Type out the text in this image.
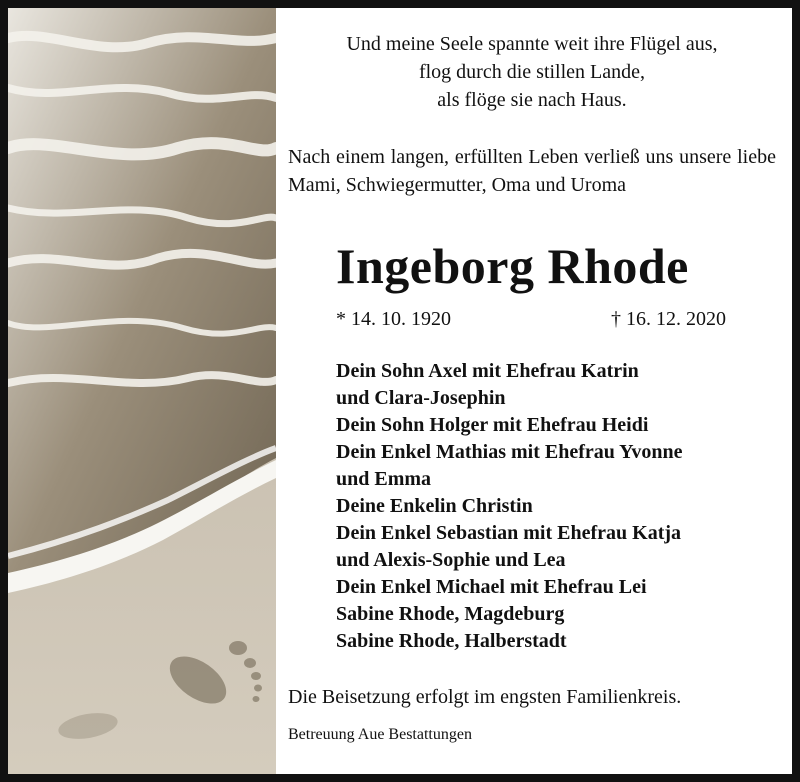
Und meine Seele spannte weit ihre Flügel aus,
flog durch die stillen Lande,
als flöge sie nach Haus.
Nach einem langen, erfüllten Leben verließ uns unsere liebe Mami, Schwiegermutter, Oma und Uroma
Ingeborg Rhode
* 14. 10. 1920	† 16. 12. 2020
Dein Sohn Axel mit Ehefrau Katrin
und Clara-Josephin
Dein Sohn Holger mit Ehefrau Heidi
Dein Enkel Mathias mit Ehefrau Yvonne
und Emma
Deine Enkelin Christin
Dein Enkel Sebastian mit Ehefrau Katja
und Alexis-Sophie und Lea
Dein Enkel Michael mit Ehefrau Lei
Sabine Rhode, Magdeburg
Sabine Rhode, Halberstadt
Die Beisetzung erfolgt im engsten Familienkreis.
Betreuung Aue Bestattungen
